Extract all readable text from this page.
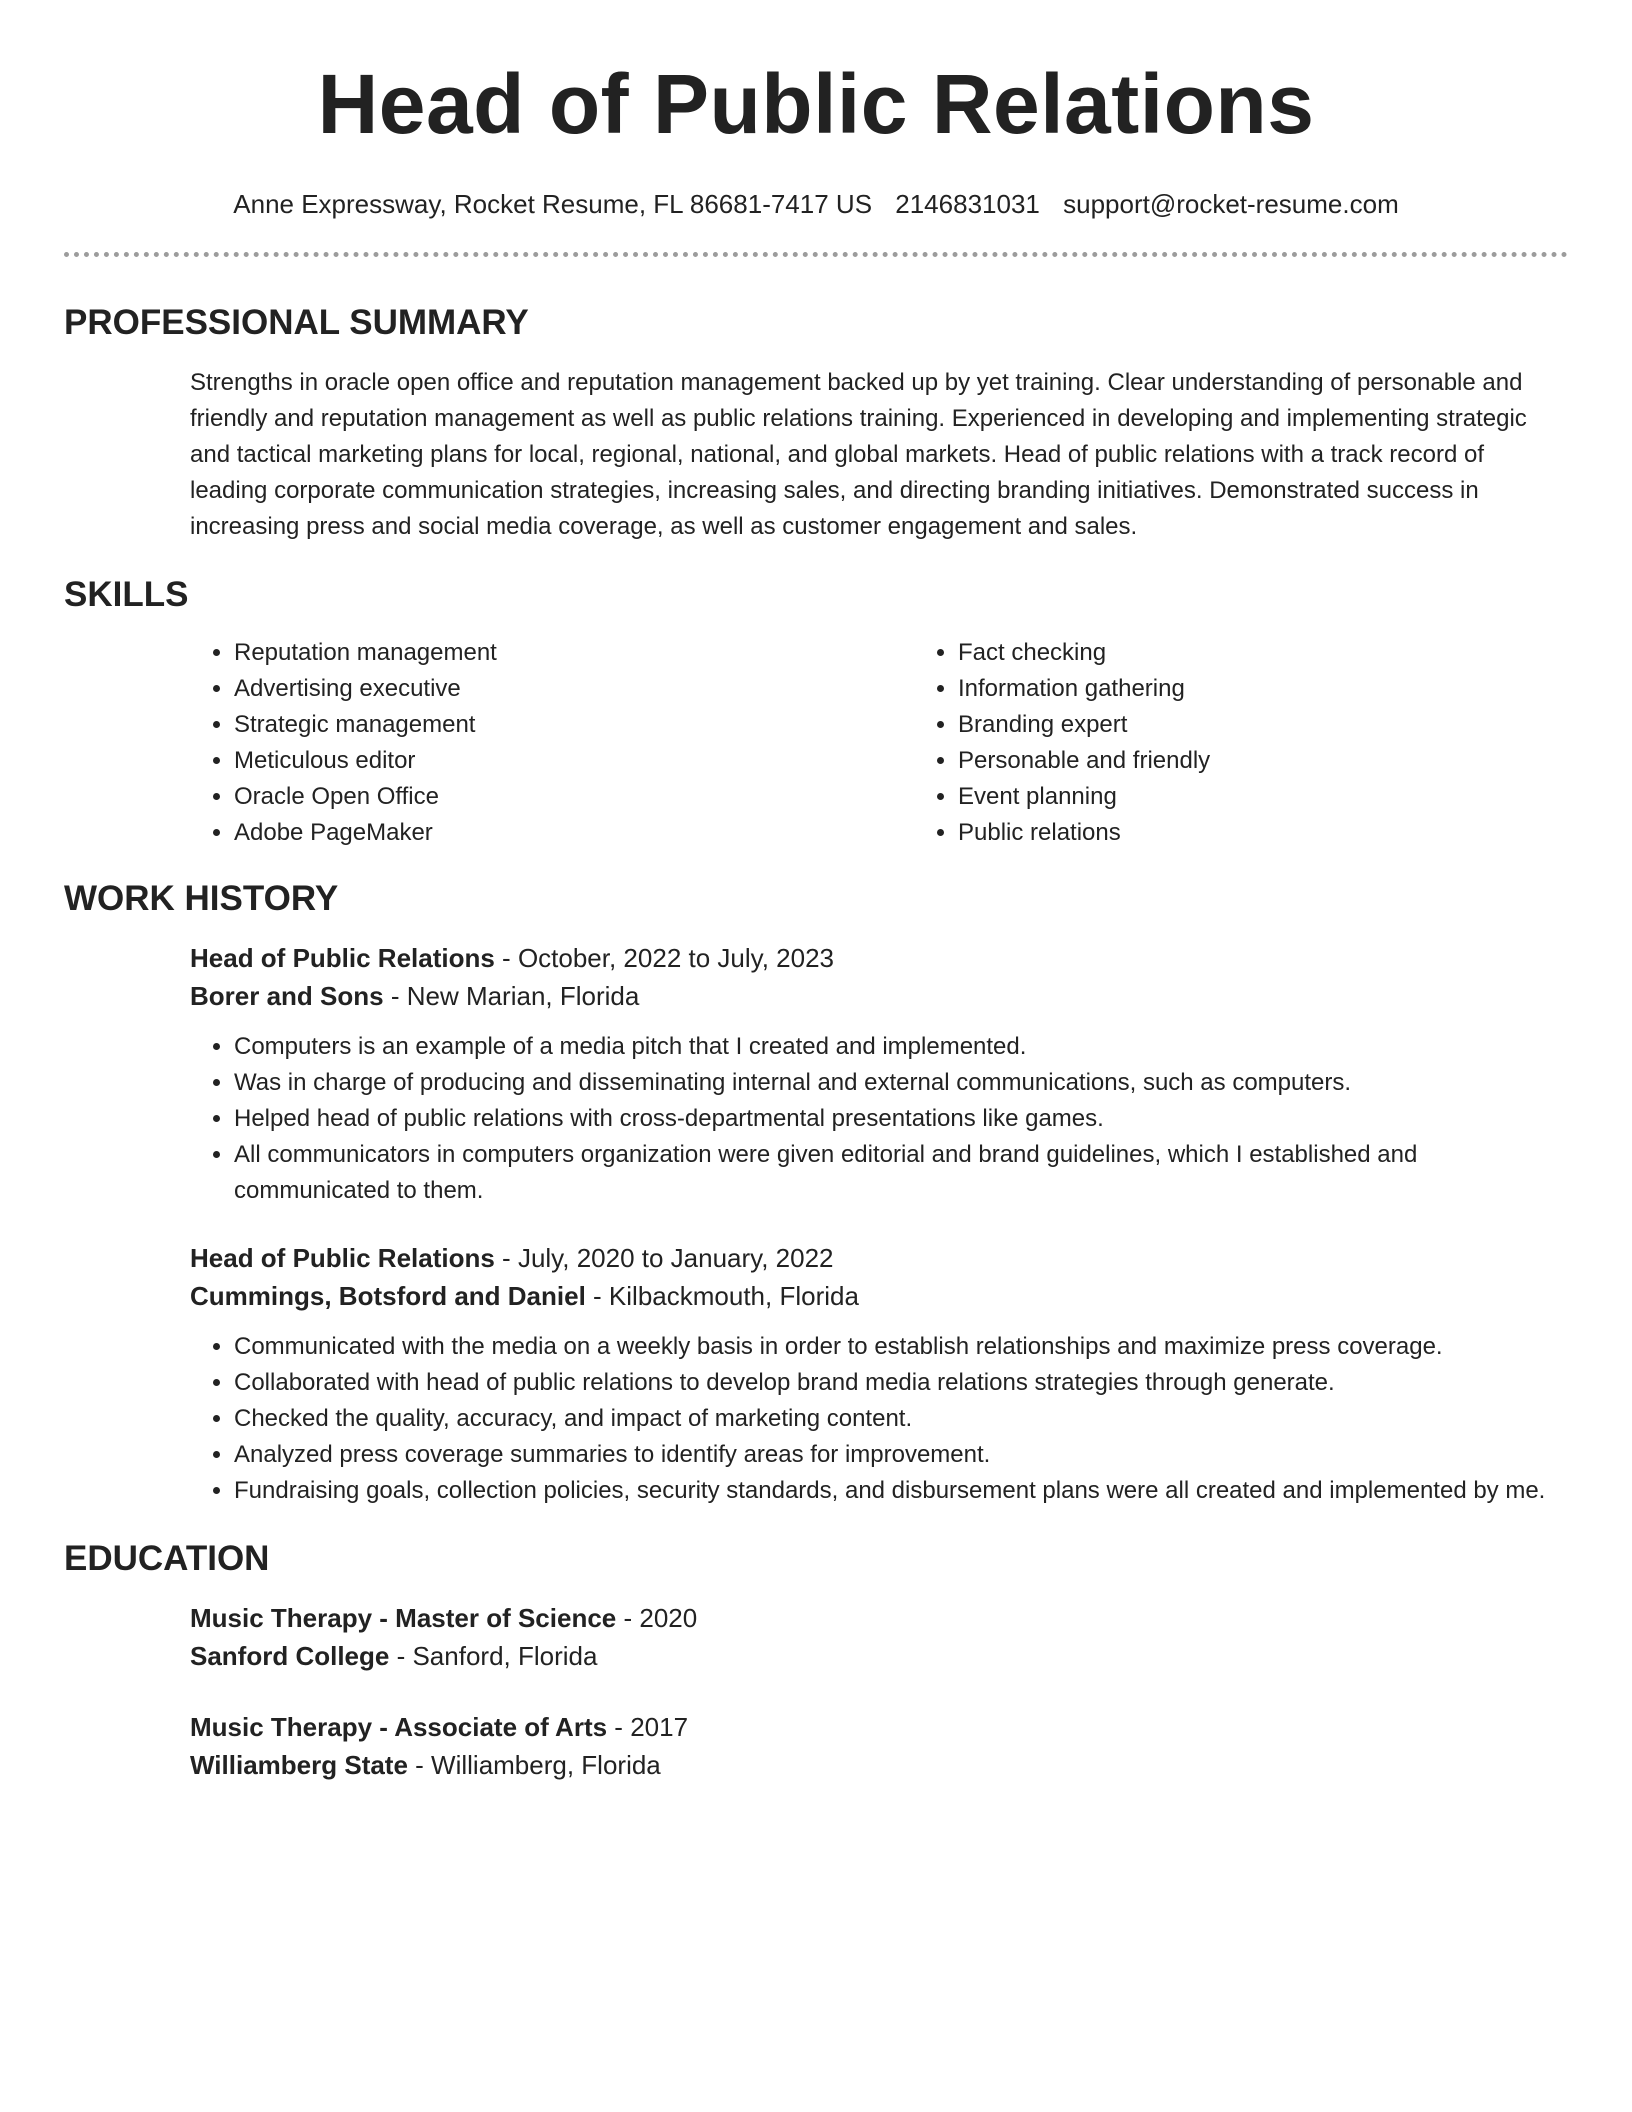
Head of Public Relations
Anne Expressway, Rocket Resume, FL 86681-7417 US 2146831031 support@rocket-resume.com
PROFESSIONAL SUMMARY

Strengths in oracle open office and reputation management backed up by yet training. Clear understanding of personable and friendly and reputation management as well as public relations training. Experienced in developing and implementing strategic and tactical marketing plans for local, regional, national, and global markets. Head of public relations with a track record of leading corporate communication strategies, increasing sales, and directing branding initiatives. Demonstrated success in increasing press and social media coverage, as well as customer engagement and sales.

SKILLS
• Reputation management
• Advertising executive
• Strategic management
• Meticulous editor
• Oracle Open Office
• Adobe PageMaker
• Fact checking
• Information gathering
• Branding expert
• Personable and friendly
• Event planning
• Public relations
WORK HISTORY
Head of Public Relations - October, 2022 to July, 2023
Borer and Sons - New Marian, Florida
• Computers is an example of a media pitch that I created and implemented.
• Was in charge of producing and disseminating internal and external communications, such as computers.
• Helped head of public relations with cross-departmental presentations like games.
• All communicators in computers organization were given editorial and brand guidelines, which I established and communicated to them.
Head of Public Relations - July, 2020 to January, 2022
Cummings, Botsford and Daniel - Kilbackmouth, Florida
• Communicated with the media on a weekly basis in order to establish relationships and maximize press coverage.
• Collaborated with head of public relations to develop brand media relations strategies through generate.
• Checked the quality, accuracy, and impact of marketing content.
• Analyzed press coverage summaries to identify areas for improvement.
• Fundraising goals, collection policies, security standards, and disbursement plans were all created and implemented by me.
EDUCATION
Music Therapy - Master of Science - 2020
Sanford College - Sanford, Florida
Music Therapy - Associate of Arts - 2017
Williamberg State - Williamberg, Florida
